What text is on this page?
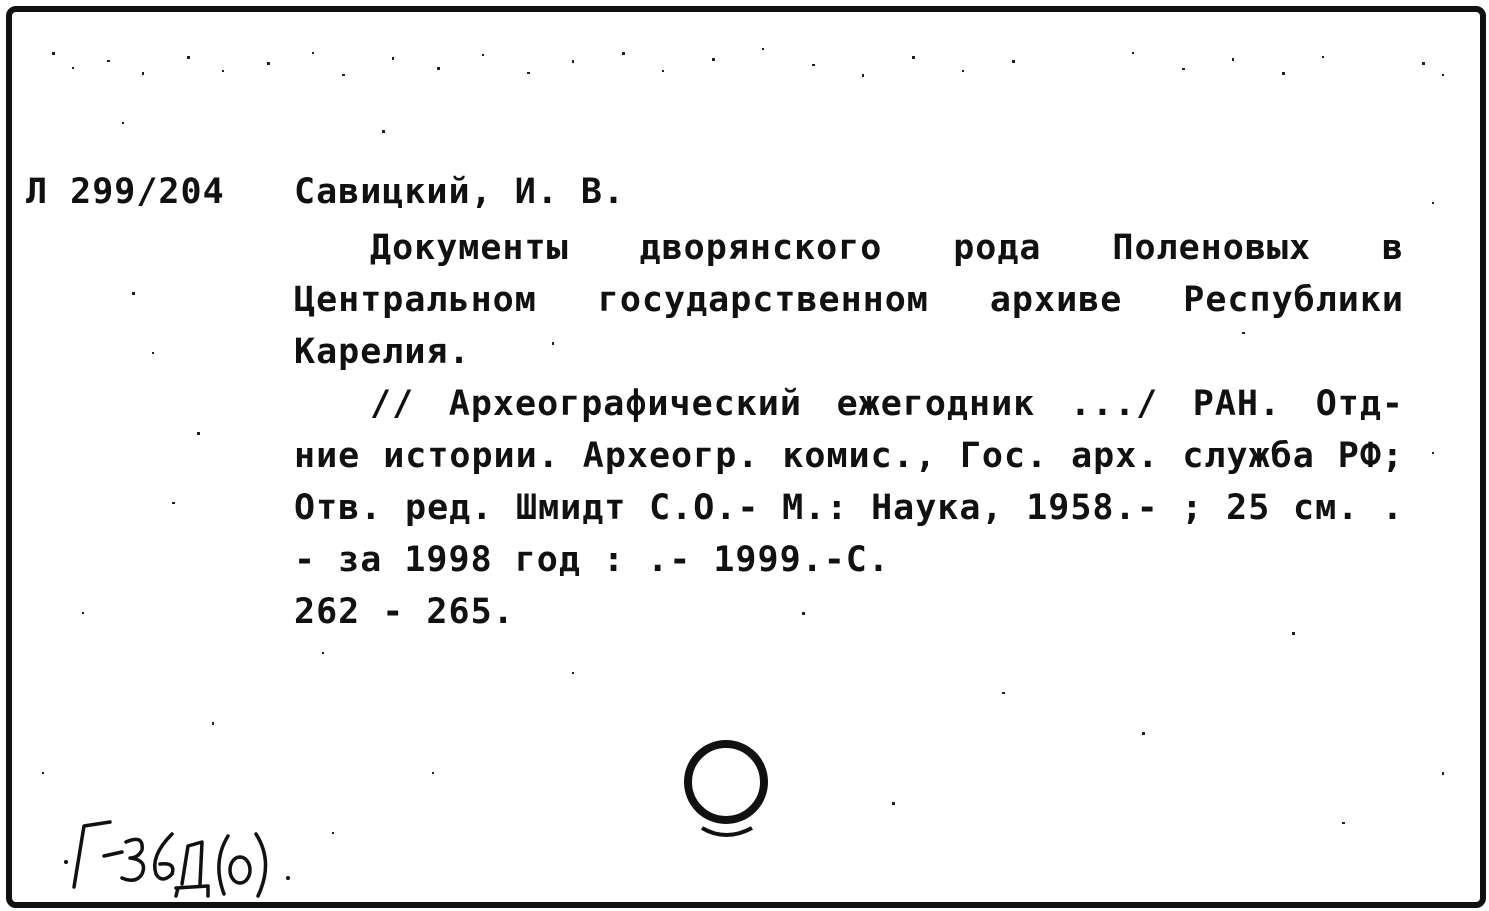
Л 299/204 Савицкий, И. В.

Документы дворянского рода Поленовых в Центральном государственном архиве Республики Карелия.

// Археографический ежегодник .../ РАН. Отд-ние истории. Археогр. комис., Гос. арх. служба РФ; Отв. ред. Шмидт С.О.- М.: Наука, 1958.- ; 25 см. . - за 1998 год : .- 1999.-С.

262 - 265.
